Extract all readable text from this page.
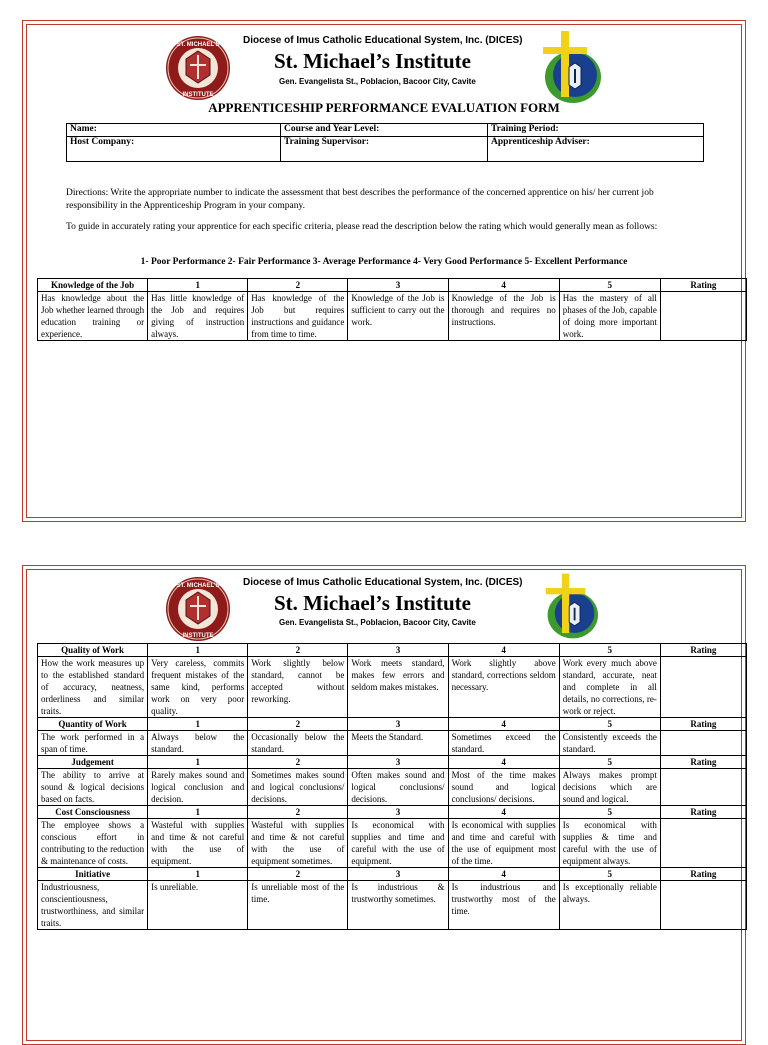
ST. MICHAEL'S
INSTITUTE
Diocese of Imus Catholic Educational System, Inc. (DICES)
St. Michael’s Institute
Gen. Evangelista St., Poblacion, Bacoor City, Cavite
APPRENTICESHIP PERFORMANCE EVALUATION FORM
Name:	Course and Year Level:	Training Period:
Host Company:	Training Supervisor:	Apprenticeship Adviser:
Directions: Write the appropriate number to indicate the assessment that best describes the performance of the concerned apprentice on his/ her current job responsibility in the Apprenticeship Program in your company.
To guide in accurately rating your apprentice for each specific criteria, please read the description below the rating which would generally mean as follows:
1- Poor Performance 2- Fair Performance 3- Average Performance 4- Very Good Performance 5- Excellent Performance
Knowledge of the Job	1	2	3	4	5	Rating
Has knowledge about the Job whether learned through education training or experience.	Has little knowledge of the Job and requires giving of instruction always.	Has knowledge of the Job but requires instructions and guidance from time to time.	Knowledge of the Job is sufficient to carry out the work.	Knowledge of the Job is thorough and requires no instructions.	Has the mastery of all phases of the Job, capable of doing more important work.	
ST. MICHAEL'S
INSTITUTE
Diocese of Imus Catholic Educational System, Inc. (DICES)
St. Michael’s Institute
Gen. Evangelista St., Poblacion, Bacoor City, Cavite
Quality of Work	1	2	3	4	5	Rating
How the work measures up to the established standard of accuracy, neatness, orderliness and similar traits.	Very careless, commits frequent mistakes of the same kind, performs work on very poor quality.	Work slightly below standard, cannot be accepted without reworking.	Work meets standard, makes few errors and seldom makes mistakes.	Work slightly above standard, corrections seldom necessary.	Work every much above standard, accurate, neat and complete in all details, no corrections, re-work or reject.	
Quantity of Work	1	2	3	4	5	Rating
The work performed in a span of time.	Always below the standard.	Occasionally below the standard.	Meets the Standard.	Sometimes exceed the standard.	Consistently exceeds the standard.	
Judgement	1	2	3	4	5	Rating
The ability to arrive at sound & logical decisions based on facts.	Rarely makes sound and logical conclusion and decision.	Sometimes makes sound and logical conclusions/ decisions.	Often makes sound and logical conclusions/ decisions.	Most of the time makes sound and logical conclusions/ decisions.	Always makes prompt decisions which are sound and logical.	
Cost Consciousness	1	2	3	4	5	Rating
The employee shows a conscious effort in contributing to the reduction & maintenance of costs.	Wasteful with supplies and time & not careful with the use of equipment.	Wasteful with supplies and time & not careful with the use of equipment sometimes.	Is economical with supplies and time and careful with the use of equipment.	Is economical with supplies and time and careful with the use of equipment most of the time.	Is economical with supplies & time and careful with the use of equipment always.	
Initiative	1	2	3	4	5	Rating
Industriousness, conscientiousness, trustworthiness, and similar traits.	Is unreliable.	Is unreliable most of the time.	Is industrious & trustworthy sometimes.	Is industrious and trustworthy most of the time.	Is exceptionally reliable always.	
